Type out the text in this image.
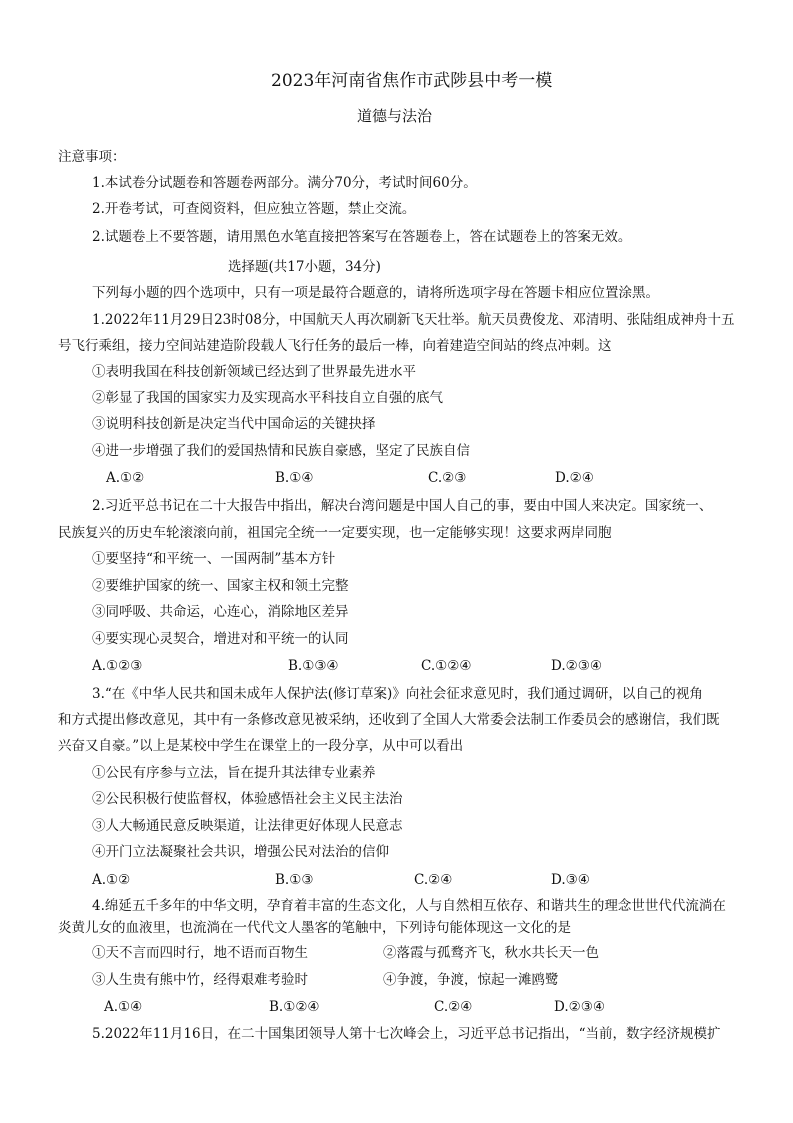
2023年河南省焦作市武陟县中考一模
道德与法治
注意事项：
1.本试卷分试题卷和答题卷两部分。满分70分，考试时间60分。
2.开卷考试，可查阅资料，但应独立答题，禁止交流。
2.试题卷上不要答题，请用黑色水笔直接把答案写在答题卷上，答在试题卷上的答案无效。
选择题(共17小题，34分)
下列每小题的四个选项中，只有一项是最符合题意的，请将所选项字母在答题卡相应位置涂黑。
1.2022年11月29日23时08分，中国航天人再次刷新飞天壮举。航天员费俊龙、邓清明、张陆组成神舟十五
号飞行乘组，接力空间站建造阶段载人飞行任务的最后一棒，向着建造空间站的终点冲刺。这
①表明我国在科技创新领域已经达到了世界最先进水平
②彰显了我国的国家实力及实现高水平科技自立自强的底气
③说明科技创新是决定当代中国命运的关键抉择
④进一步增强了我们的爱国热情和民族自豪感，坚定了民族自信
A.①②	B.①④	C.②③	D.②④
2.习近平总书记在二十大报告中指出，解决台湾问题是中国人自己的事，要由中国人来决定。国家统一、
民族复兴的历史车轮滚滚向前，祖国完全统一一定要实现，也一定能够实现！这要求两岸同胞
①要坚持“和平统一、一国两制”基本方针
②要维护国家的统一、国家主权和领土完整
③同呼吸、共命运，心连心，消除地区差异
④要实现心灵契合，增进对和平统一的认同
A.①②③	B.①③④	C.①②④	D.②③④
3.“在《中华人民共和国未成年人保护法(修订草案)》向社会征求意见时，我们通过调研，以自己的视角
和方式提出修改意见，其中有一条修改意见被采纳，还收到了全国人大常委会法制工作委员会的感谢信，我们既
兴奋又自豪。”以上是某校中学生在课堂上的一段分享，从中可以看出
①公民有序参与立法，旨在提升其法律专业素养
②公民积极行使监督权，体验感悟社会主义民主法治
③人大畅通民意反映渠道，让法律更好体现人民意志
④开门立法凝聚社会共识，增强公民对法治的信仰
A.①②	B.①③	C.②④	D.③④
4.绵延五千多年的中华文明，孕育着丰富的生态文化，人与自然相互依存、和谐共生的理念世世代代流淌在
炎黄儿女的血液里，也流淌在一代代文人墨客的笔触中，下列诗句能体现这一文化的是
①天不言而四时行，地不语而百物生	②落霞与孤鹜齐飞，秋水共长天一色
③人生贵有熊中竹，经得艰难考验时	④争渡，争渡，惊起一滩鸥鹭
A.①④	B.①②④	C.②④	D.②③④
5.2022年11月16日，在二十国集团领导人第十七次峰会上，习近平总书记指出，“当前，数字经济规模扩
